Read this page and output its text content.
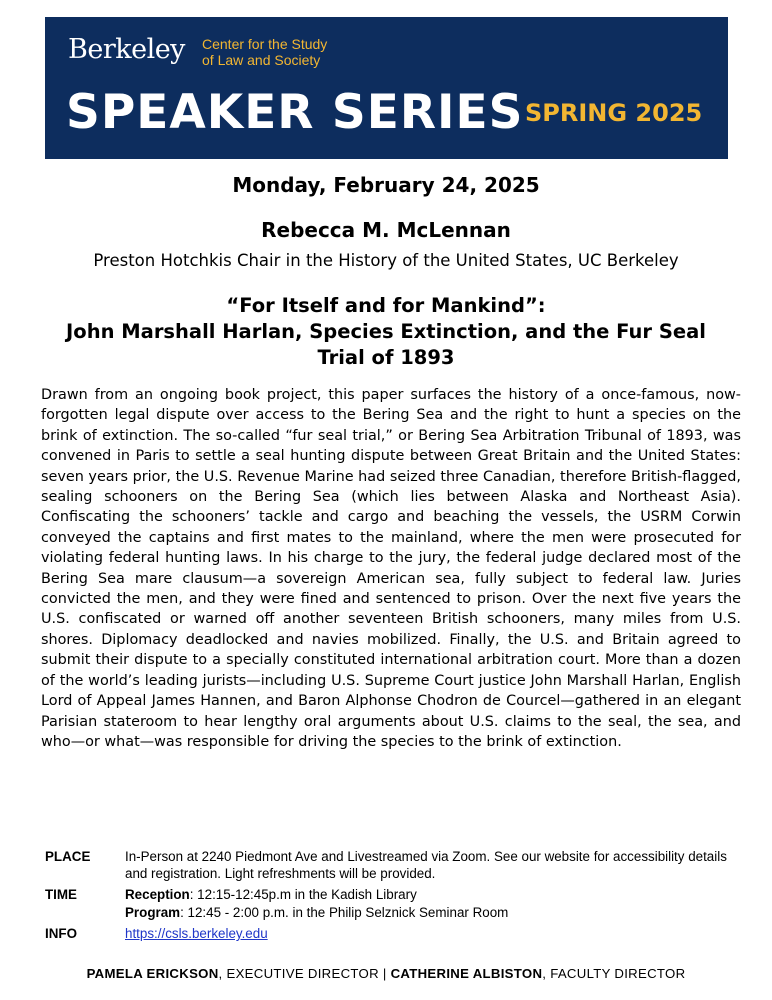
Berkeley Center for the Study
of Law and Society
SPEAKER SERIES SPRING 2025
Monday, February 24, 2025
Rebecca M. McLennan
Preston Hotchkis Chair in the History of the United States, UC Berkeley
“For Itself and for Mankind”:
John Marshall Harlan, Species Extinction, and the Fur Seal Trial of 1893
Drawn from an ongoing book project, this paper surfaces the history of a once-famous, now-forgotten legal dispute over access to the Bering Sea and the right to hunt a species on the brink of extinction. The so-called “fur seal trial,” or Bering Sea Arbitration Tribunal of 1893, was convened in Paris to settle a seal hunting dispute between Great Britain and the United States: seven years prior, the U.S. Revenue Marine had seized three Canadian, therefore British-flagged, sealing schooners on the Bering Sea (which lies between Alaska and Northeast Asia). Confiscating the schooners’ tackle and cargo and beaching the vessels, the USRM Corwin conveyed the captains and first mates to the mainland, where the men were prosecuted for violating federal hunting laws. In his charge to the jury, the federal judge declared most of the Bering Sea mare clausum—a sovereign American sea, fully subject to federal law. Juries convicted the men, and they were fined and sentenced to prison. Over the next five years the U.S. confiscated or warned off another seventeen British schooners, many miles from U.S. shores. Diplomacy deadlocked and navies mobilized. Finally, the U.S. and Britain agreed to submit their dispute to a specially constituted international arbitration court. More than a dozen of the world’s leading jurists—including U.S. Supreme Court justice John Marshall Harlan, English Lord of Appeal James Hannen, and Baron Alphonse Chodron de Courcel—gathered in an elegant Parisian stateroom to hear lengthy oral arguments about U.S. claims to the seal, the sea, and who—or what—was responsible for driving the species to the brink of extinction.
PLACE	In-Person at 2240 Piedmont Ave and Livestreamed via Zoom. See our website for accessibility details and registration. Light refreshments will be provided.
TIME	Reception: 12:15-12:45p.m in the Kadish Library
Program: 12:45 - 2:00 p.m. in the Philip Selznick Seminar Room
INFO	https://csls.berkeley.edu
PAMELA ERICKSON, EXECUTIVE DIRECTOR | CATHERINE ALBISTON, FACULTY DIRECTOR
